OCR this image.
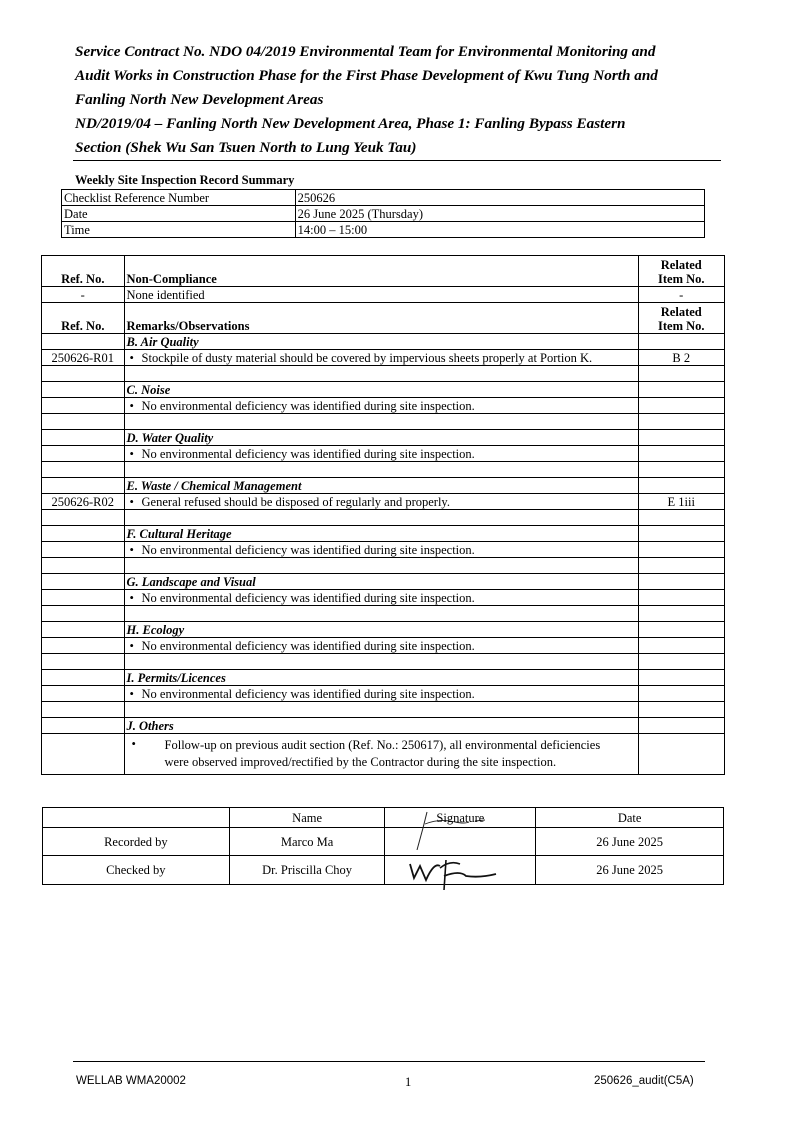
Service Contract No. NDO 04/2019 Environmental Team for Environmental Monitoring and
Audit Works in Construction Phase for the First Phase Development of Kwu Tung North and
Fanling North New Development Areas
ND/2019/04 – Fanling North New Development Area, Phase 1: Fanling Bypass Eastern
Section (Shek Wu San Tsuen North to Lung Yeuk Tau)
Weekly Site Inspection Record Summary
Checklist Reference Number	250626
Date	26 June 2025 (Thursday)
Time	14:00 – 15:00
Ref. No.	Non-Compliance	Related
Item No.
-	None identified	-
Ref. No.	Remarks/Observations	Related
Item No.
	B. Air Quality	
250626-R01	• Stockpile of dusty material should be covered by impervious sheets properly at Portion K.	B 2

	C. Noise	
	• No environmental deficiency was identified during site inspection.	

	D. Water Quality	
	• No environmental deficiency was identified during site inspection.	

	E. Waste / Chemical Management	
250626-R02	• General refused should be disposed of regularly and properly.	E 1iii

	F. Cultural Heritage	
	• No environmental deficiency was identified during site inspection.	

	G. Landscape and Visual	
	• No environmental deficiency was identified during site inspection.	

	H. Ecology	
	• No environmental deficiency was identified during site inspection.	

	I. Permits/Licences	
	• No environmental deficiency was identified during site inspection.	

	J. Others	

	• Follow-up on previous audit section (Ref. No.: 250617), all environmental deficiencies
were observed improved/rectified by the Contractor during the site inspection.	

	Name	Signature	Date
Recorded by	Marco Ma		26 June 2025
Checked by	Dr. Priscilla Choy		26 June 2025
WELLAB WMA20002	1	250626_audit(C5A)
